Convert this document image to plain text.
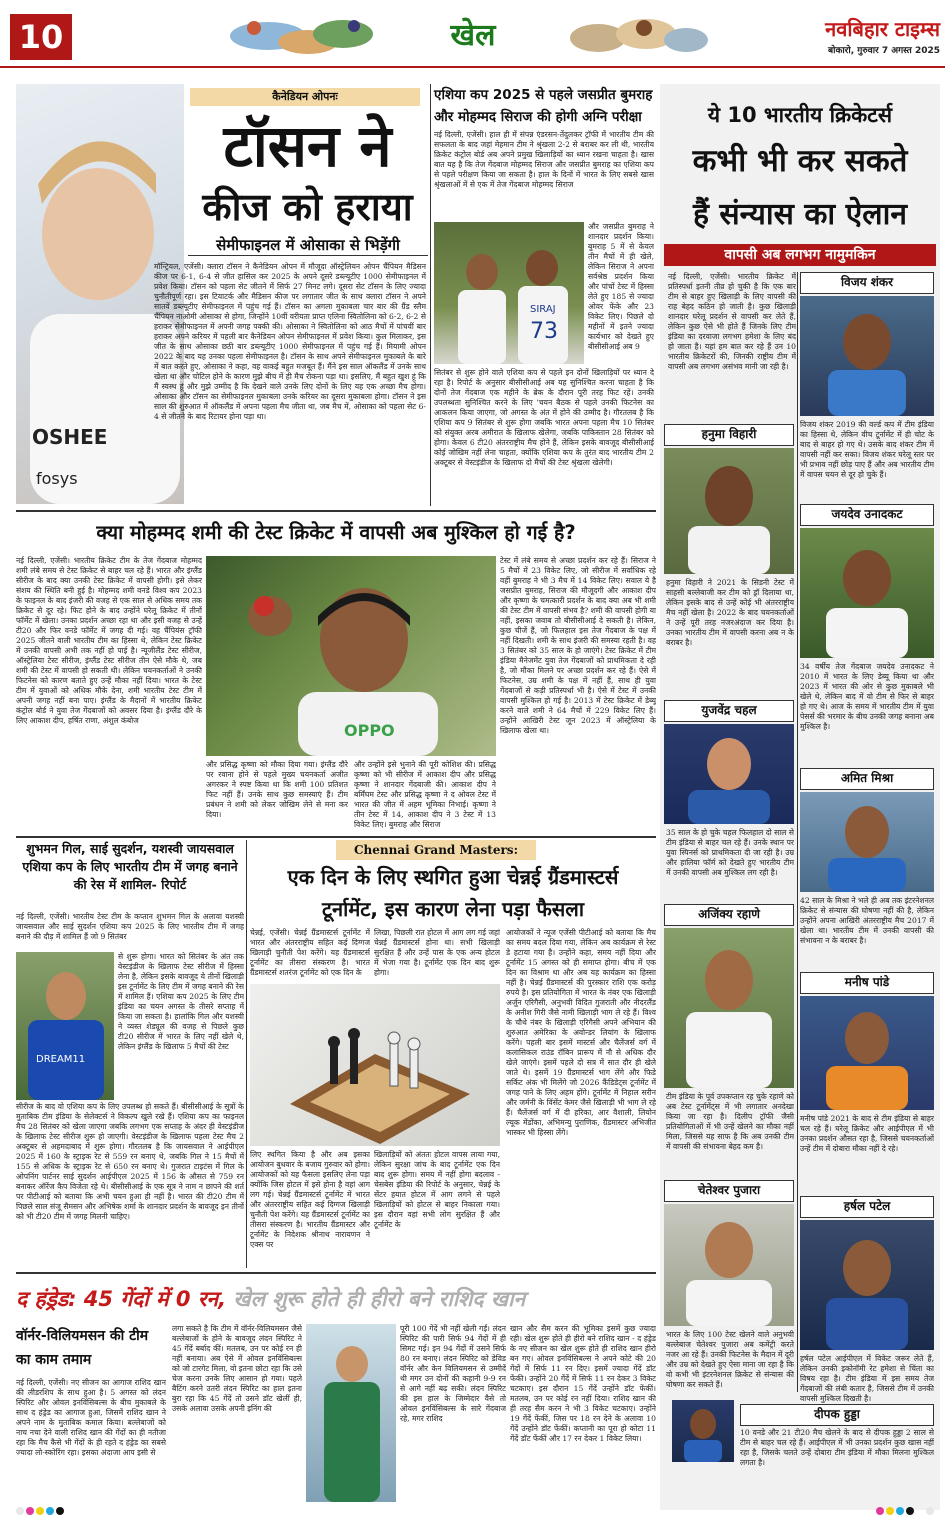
10	खेल	नवबिहार टाइम्स
बोकारो, गुरुवार 7 अगस्त 2025
OSHEE
fosys
कैनेडियन ओपनः
टॉसन ने
कीज को हराया
सेमीफाइनल में ओसाका से भिड़ेंगी
मॉन्ट्रियल, एजेंसी। क्लारा टॉसन ने कैनेडियन ओपन में मौजूदा ऑस्ट्रेलियन ओपन चैंपियन मैडिसन कीज पर 6-1, 6-4 से जीत हासिल कर 2025 के अपने दूसरे डब्ल्यूटीए 1000 सेमीफाइनल में प्रवेश किया। टॉसन को पहला सेट जीतने में सिर्फ 27 मिनट लगे। दूसरा सेट टॉसन के लिए ज्यादा चुनौतीपूर्ण रहा। इस टियाटर्क और मैडिसन कीज पर लगातार जीत के साथ क्लारा टॉसन ने अपने सातवें डब्ल्यूटीए सेमीफाइनल में पहुंच गई हैं। टॉसन का अगला मुकाबला चार बार की ग्रैंड स्लैम चैंपियन नाओमी ओसाका से होगा, जिन्होंने 10वीं वरीयता प्राप्त एलिना स्वितोलिना को 6-2, 6-2 से हराकर सेमीफाइनल में अपनी जगह पक्की की। ओसाका ने स्वितोलिना को आठ मैचों में पांचवीं बार हराकर अपने करियर में पहली बार कैनेडियन ओपन सेमीफाइनल में प्रवेश किया। कुल मिलाकर, इस जीत के साथ ओसाका छठी बार डब्ल्यूटीए 1000 सेमीफाइनल में पहुंच गई हैं। मियामी ओपन 2022 के बाद यह उनका पहला सेमीफाइनल है। टॉसन के साथ अपने सेमीफाइनल मुकाबले के बारे में बात करते हुए, ओसाका ने कहा, वह वाकई बहुत मजबूत हैं। मैंने इस साल ऑकलैंड में उनके साथ खेला था और चोटिल होने के कारण मुझे बीच में ही मैच रोकना पड़ा था। इसलिए, मैं बहुत खुश हूं कि मैं स्वस्थ हूं और मुझे उम्मीद है कि देखने वाले उनके लिए दोनों के लिए यह एक अच्छा मैच होगा। ओसाका और टॉसन का सेमीफाइनल मुकाबला उनके करियर का दूसरा मुकाबला होगा। टॉसन ने इस साल की शुरुआत में ऑकलैंड में अपना पहला मैच जीता था, जब मैच में, ओसाका को पहला सेट 6-4 से जीतने के बाद रिटायर होना पड़ा था।
एशिया कप 2025 से पहले जसप्रीत बुमराह
और मोहम्मद सिराज की होगी अग्नि परीक्षा
नई दिल्ली, एजेंसी। हाल ही में संपन्न एंडरसन-तेंदुलकर ट्रॉफी में भारतीय टीम की सफलता के बाद जहां मेहमान टीम ने श्रृंखला 2-2 से बराबर कर ली थी, भारतीय क्रिकेट कंट्रोल बोर्ड अब अपने प्रमुख खिलाड़ियों का ध्यान रखना चाहता है। खास बात यह है कि तेज गेंदबाज मोहम्मद सिराज और जसप्रीत बुमराह का एशिया कप से पहले परीक्षण किया जा सकता है। हाल के दिनों में भारत के लिए सबसे खास श्रृंखलाओं में से एक में तेज गेंदबाज मोहम्मद सिराज
SIRAJ
73
और जसप्रीत बुमराह ने शानदार प्रदर्शन किया। बुमराह 5 में से केवल तीन मैचों में ही खेले, लेकिन सिराज ने अपना सर्वश्रेष्ठ प्रदर्शन किया और पांचों टेस्ट में हिस्सा लेते हुए 185 से ज्यादा ओवर फेंके और 23 विकेट लिए। पिछले दो महीनों में इतने ज्यादा कार्यभार को देखते हुए बीसीसीआई अब 9
सितंबर से शुरू होने वाले एशिया कप से पहले इन दोनों खिलाड़ियों पर ध्यान दे रहा है। रिपोर्ट के अनुसार बीसीसीआई अब यह सुनिश्चित करना चाहता है कि दोनों तेज गेंदबाज एक महीने के ब्रेक के दौरान पूरी तरह फिट रहें। उनकी उपलब्धता सुनिश्चित करने के लिए 'चयन बैठक से पहले उनकी फिटनेस का आकलन किया जाएगा, जो अगस्त के अंत में होने की उम्मीद है। गौरतलब है कि एशिया कप 9 सितंबर से शुरू होगा जबकि भारत अपना पहला मैच 10 सितंबर को संयुक्त अरब अमीरात के खिलाफ खेलेगा, जबकि पाकिस्तान 28 सितंबर को होगा। केवल 6 टी20 अंतरराष्ट्रीय मैच होने हैं, लेकिन इसके बावजूद बीसीसीआई कोई जोखिम नहीं लेना चाहता, क्योंकि एशिया कप के तुरंत बाद भारतीय टीम 2 अक्टूबर से वेस्टइंडीज के खिलाफ दो मैचों की टेस्ट श्रृंखला खेलेगी।
ये 10 भारतीय क्रिकेटर्स
कभी भी कर सकते
हैं संन्यास का ऐलान
वापसी अब लगभग नामुमकिन
नई दिल्ली, एजेंसी। भारतीय क्रिकेट में प्रतिस्पर्धा इतनी तीव्र हो चुकी है कि एक बार टीम से बाहर हुए खिलाड़ी के लिए वापसी की राह बेहद कठिन हो जाती है। कुछ खिलाड़ी शानदार घरेलू प्रदर्शन से वापसी कर लेते हैं, लेकिन कुछ ऐसे भी होते हैं जिनके लिए टीम इंडिया का दरवाजा लगभग हमेशा के लिए बंद हो जाता है। यहां हम बात कर रहे हैं उन 10 भारतीय क्रिकेटरों की, जिनकी राष्ट्रीय टीम में वापसी अब लगभग असंभव मानी जा रही है।
विजय शंकर
विजय शंकर 2019 की वर्ल्ड कप में टीम इंडिया का हिस्सा थे, लेकिन वीच टूर्नामेंट में ही चोट के बाद से बाहर हो गए थे। उसके बाद शंकर टीम में वापसी नहीं कर सका। विजय शंकर घरेलू स्तर पर भी प्रभाव नहीं छोड़ पाए हैं और अब भारतीय टीम में वापस चयन से दूर हो चुके हैं।
हनुमा विहारी
हनुमा विहारी ने 2021 के सिडनी टेस्ट में साहसी बल्लेबाजी कर टीम को ड्रॉ दिलाया था, लेकिन इसके बाद से उन्हें कोई भी अंतरराष्ट्रीय मैच नहीं खेला है। 2022 के बाद चयनकर्ताओं ने उन्हें पूरी तरह नजरअंदाज कर दिया है। उनका भारतीय टीम में वापसी करना अब न के बराबर है।
जयदेव उनादकट
34 वर्षीय तेज गेंदबाज जयदेव उनादकट ने 2010 में भारत के लिए डेब्यू किया था और 2023 में भारत की ओर से कुछ मुकाबले भी खेले थे, लेकिन बाद में वो टीम से फिर से बाहर हो गए थे। आज के समय में भारतीय टीम में युवा पेसर्स की भरमार के बीच उनकी जगह बनाना अब मुश्किल है।
युजवेंद्र चहल
35 साल के हो चुके चहल फिलहाल दो साल से टीम इंडिया से बाहर चल रहे हैं। उनके स्थान पर युवा स्पिनर्स को प्राथमिकता दी जा रही है। उम्र और हालिया फॉर्म को देखते हुए भारतीय टीम में उनकी वापसी अब मुश्किल लग रही है।
अमित मिश्रा
42 साल के मिश्रा ने भले ही अब तक इंटरनेशनल क्रिकेट से संन्यास की घोषणा नहीं की है, लेकिन उन्होंने अपना आखिरी अंतरराष्ट्रीय मैच 2017 में खेला था। भारतीय टीम में उनकी वापसी की संभावना न के बराबर है।
अजिंक्य रहाणे
टीम इंडिया के पूर्व उपकप्तान रह चुके रहाणे को अब टेस्ट टूर्नामेंट्स में भी लगातार अनदेखा किया जा रहा है। दिलीप ट्रॉफी जैसी प्रतियोगिताओं में भी उन्हें खेलने का मौका नहीं मिला, जिससे यह साफ है कि अब उनकी टीम में वापसी की संभावना बेहद कम है।
मनीष पांडे
मनीष पांडे 2021 के बाद से टीम इंडिया से बाहर चल रहे हैं। घरेलू क्रिकेट और आईपीएल में भी उनका प्रदर्शन औसत रहा है, जिससे चयनकर्ताओं उन्हें टीम में दोबारा मौका नहीं दे रहे।
चेतेश्वर पुजारा
भारत के लिए 100 टेस्ट खेलने वाले अनुभवी बल्लेबाज चेतेश्वर पुजारा अब कमेंट्री करते नजर आ रहे हैं। उनकी फिटनेस के मैदान में दूरी और उम्र को देखते हुए ऐसा माना जा रहा है कि वो कभी भी इंटरनेशनल क्रिकेट से संन्यास की घोषणा कर सकते हैं।
हर्षल पटेल
हर्षल पटेल आईपीएल में विकेट जरूर लेते हैं, लेकिन उनकी इकोनॉमी रेट हमेशा से चिंता का विषय रहा है। टीम इंडिया में इस समय तेज गेंदबाजों की लंबी कतार है, जिससे टीम में उनकी वापसी मुश्किल दिखती है।
दीपक हुड्डा
10 वनडे और 21 टी20 मैच खेलने के बाद से दीपक हुड्डा 2 साल से टीम से बाहर चल रहे हैं। आईपीएल में भी उनका प्रदर्शन कुछ खास नहीं रहा है, जिसके चलते उन्हें दोबारा टीम इंडिया में मौका मिलना मुश्किल लगता है।
क्या मोहम्मद शमी की टेस्ट क्रिकेट में वापसी अब मुश्किल हो गई है?
नई दिल्ली, एजेंसी। भारतीय क्रिकेट टीम के तेज गेंदबाज मोहम्मद शमी लंबे समय से टेस्ट क्रिकेट से बाहर चल रहे हैं। भारत और इंग्लैंड सीरीज के बाद क्या उनकी टेस्ट क्रिकेट में वापसी होगी। इसे लेकर संशय की स्थिति बनी हुई है। मोहम्मद शमी वनडे विश्व कप 2023 के फाइनल के बाद इंजरी की वजह से एक साल से अधिक समय तक क्रिकेट से दूर रहे। फिट होने के बाद उन्होंने घरेलू क्रिकेट में तीनों फॉर्मेट में खेला। उनका प्रदर्शन अच्छा रहा था और इसी वजह से उन्हें टी20 और फिर वनडे फॉर्मेट में जगह दी गई। वह चैंपियंस ट्रॉफी 2025 जीतने वाली भारतीय टीम का हिस्सा थे, लेकिन टेस्ट क्रिकेट में उनकी वापसी अभी तक नहीं हो पाई है। न्यूजीलैंड टेस्ट सीरीज, ऑस्ट्रेलिया टेस्ट सीरीज, इंग्लैंड टेस्ट सीरीज तीन ऐसे मौके थे, जब शमी की टेस्ट में वापसी हो सकती थी। लेकिन चयनकर्ताओं ने उनकी फिटनेस को कारण बताते हुए उन्हें मौका नहीं दिया। भारत के टेस्ट टीम में युवाओं को अधिक मौके देना, शमी भारतीय टेस्ट टीम में अपनी जगह नहीं बना पाए। इंग्लैंड के मैदानों में भारतीय क्रिकेट कंट्रोल बोर्ड ने युवा तेज गेंदबाजों को अवसर दिया है। इंग्लैंड दौरे के लिए आकाश दीप, हर्षित राणा, अंशुल कंबोज
OPPO
और प्रसिद्ध कृष्णा को मौका दिया गया। इंग्लैंड दौरे पर रवाना होने से पहले मुख्य चयनकर्ता अजीत अगरकर ने स्पष्ट किया था कि शमी 100 प्रतिशत फिट नहीं हैं। उनके साथ कुछ समस्याएं हैं। टीम प्रबंधन ने शमी को लेकर जोखिम लेने से मना कर दिया।
और उन्होंने इसे भुनाने की पूरी कोशिश की। प्रसिद्ध कृष्णा को भी सीरीज में आकाश दीप और प्रसिद्ध कृष्णा ने शानदार गेंदबाजी की। आकाश दीप ने बर्मिंघम टेस्ट और प्रसिद्ध कृष्णा ने द ओवल टेस्ट में भारत की जीत में अहम भूमिका निभाई। कृष्णा ने तीन टेस्ट में 14, आकाश दीप ने 3 टेस्ट में 13 विकेट लिए। बुमराह और सिराज
टेस्ट में लंबे समय से अच्छा प्रदर्शन कर रहे हैं। सिराज ने 5 मैचों में 23 विकेट लिए, जो सीरीज में सर्वाधिक रहे वहीं बुमराह ने भी 3 मैच में 14 विकेट लिए। सवाल ये है जसप्रीत बुमराह, सिराज की मौजूदगी और आकाश दीप और कृष्णा के चमत्कारी प्रदर्शन के बाद क्या अब भी शमी की टेस्ट टीम में वापसी संभव है? शमी की वापसी होगी या नहीं, इसका जवाब तो बीसीसीआई दे सकती है। लेकिन, कुछ चीजें हैं, जो फिलहाल इस तेज गेंदबाज के पक्ष में नहीं दिखती। शमी के साथ इंजरी की समस्या रहती है। वह 3 सितंबर को 35 साल के हो जाएंगे। टेस्ट क्रिकेट में टीम इंडिया मैनेजमेंट युवा तेज गेंदबाजों को प्राथमिकता दे रही है, जो मौका मिलने पर अच्छा प्रदर्शन कर रहे हैं। ऐसे में फिटनेस, उम्र शमी के पक्ष में नहीं हैं, साथ ही युवा गेंदबाजों से कड़ी प्रतिस्पर्धा भी है। ऐसे में टेस्ट में उनकी वापसी मुश्किल हो गई है। 2013 में टेस्ट क्रिकेट में डेब्यू करने वाले शमी ने 64 मैचों में 229 विकेट लिए हैं। उन्होंने आखिरी टेस्ट जून 2023 में ऑस्ट्रेलिया के खिलाफ खेला था।
शुभमन गिल, साई सुदर्शन, यशस्वी जायसवाल एशिया कप के लिए भारतीय टीम में जगह बनाने की रेस में शामिल- रिपोर्ट
नई दिल्ली, एजेंसी। भारतीय टेस्ट टीम के कप्तान शुभमन गिल के अलावा यशस्वी जायसवाल और साई सुदर्शन एशिया कप 2025 के लिए भारतीय टीम में जगह बनाने की दौड़ में शामिल हैं जो 9 सितंबर
DREAM11
से शुरू होगा। भारत को सितंबर के अंत तक वेस्टइंडीज के खिलाफ टेस्ट सीरीज में हिस्सा लेना है, लेकिन इसके बावजूद ये तीनों खिलाड़ी इस टूर्नामेंट के लिए टीम में जगह बनाने की रेस में शामिल हैं। एशिया कप 2025 के लिए टीम इंडिया का चयन अगस्त के तीसरे सप्ताह में किया जा सकता है। हालांकि गिल और यशस्वी ने व्यस्त शेड्यूल की वजह से पिछले कुछ टी20 सीरीज में भारत के लिए नहीं खेले थे, लेकिन इंग्लैंड के खिलाफ 5 मैचों की टेस्ट
सीरीज के बाद वो एशिया कप के लिए उपलब्ध हो सकते हैं। बीसीसीआई के सूत्रों के मुताबिक टीम इंडिया के सेलेक्टर्स ने विकल्प खुले रखे हैं। एशिया कप का फाइनल मैच 28 सितंबर को खेला जाएगा जबकि लगभग एक सप्ताह के अंदर ही वेस्टइंडीज के खिलाफ टेस्ट सीरीज शुरू हो जाएगी। वेस्टइंडीज के खिलाफ पहला टेस्ट मैच 2 अक्टूबर से अहमदाबाद में शुरू होगा। गौरतलब है कि जायसवाल ने आईपीएल 2025 में 160 के स्ट्राइक रेट से 559 रन बनाए थे, जबकि गिल ने 15 मैचों में 155 से अधिक के स्ट्राइक रेट से 650 रन बनाए थे। गुजरात टाइटंस में गिल के ओपनिंग पार्टनर साई सुदर्शन आईपीएल 2025 में 156 के औसत से 759 रन बनाकर ऑरेंज कैप विजेता रहे थे। बीसीसीआई के एक सूत्र ने नाम न छापने की शर्त पर पीटीआई को बताया कि अभी चयन हुआ ही नहीं है। भारत की टी20 टीम में पिछले साल संजू सैमसन और अभिषेक शर्मा के शानदार प्रदर्शन के बावजूद इन तीनों को भी टी20 टीम में जगह मिलनी चाहिए।
Chennai Grand Masters:
एक दिन के लिए स्थगित हुआ चेन्नई ग्रैंडमास्टर्स
टूर्नामेंट, इस कारण लेना पड़ा फैसला
चेन्नई, एजेंसी। चेन्नई ग्रैंडमास्टर्स टूर्नामेंट में भारत और अंतरराष्ट्रीय सहित कई दिग्गज खिलाड़ी चुनौती पेश करेंगे। यह ग्रैंडमास्टर्स टूर्नामेंट का तीसरा संस्करण है। भारत ग्रैंडमास्टर्स शतरंज टूर्नामेंट को एक दिन के
लिखा, पिछली रात होटल में आग लग गई जहां चेन्नई ग्रैंडमास्टर्स होना था। सभी खिलाड़ी सुरक्षित हैं और उन्हें पास के एक अन्य होटल में भेजा गया है। टूर्नामेंट एक दिन बाद शुरू होगा।
लिए स्थगित किया है और अब इसका आयोजन बुधवार के बजाय गुरुवार को होगा। आयोजकों को यह फैसला इसलिए लेना पड़ा क्योंकि जिस होटल में इसे होना है वहां आग लग गई। चेन्नई ग्रैंडमास्टर्स टूर्नामेंट में भारत और अंतरराष्ट्रीय सहित कई दिग्गज खिलाड़ी चुनौती पेश करेंगे। यह ग्रैंडमास्टर्स टूर्नामेंट का तीसरा संस्करण है। भारतीय ग्रैंडमास्टर और टूर्नामेंट के निदेशक श्रीनाथ नारायणन ने एक्स पर
खिलाड़ियों को अंततः होटल वापस लाया गया, लेकिन सुरक्षा जांच के बाद टूर्नामेंट एक दिन बाद शुरू होगा। समय में नहीं होगा बदलाव - चेसबेस इंडिया की रिपोर्ट के अनुसार, चेन्नई के सेंटर हयात होटल में आग लगने से पहले खिलाड़ियों को होटल से बाहर निकाला गया। इस दौरान वहां सभी लोग सुरक्षित हैं और टूर्नामेंट के
आयोजकों ने न्यूज एजेंसी पीटीआई को बताया कि मैच का समय बदल दिया गया, लेकिन अब कार्यक्रम से रेस्ट डे हटाया गया है। उन्होंने कहा, समय नहीं दिया और टूर्नामेंट 15 अगस्त को ही समाप्त होगा। बीच में एक दिन का विश्राम था और अब यह कार्यक्रम का हिस्सा नहीं है। चेन्नई ग्रैंडमास्टर्स की पुरस्कार राशि एक करोड़ रुपये है। इस प्रतियोगिता में भारत के नंबर एक खिलाड़ी अर्जुन एरिगैसी, अनुभवी विदित गुजराती और नीदरलैंड के अनीश गिरी जैसे नामी खिलाड़ी भाग ले रहे हैं। विश्व के चौथे नंबर के खिलाड़ी एरिगैसी अपने अभियान की शुरुआत अमेरिका के अवोन्डर लियांग के खिलाफ करेंगे। पहली बार इसमें मास्टर्स और चैलेंजर्स वर्ग में कलासिकल राउंड रॉबिन प्रारूप में नौ से अधिक दौर खेले जाएंगे। इसमें पहले दो सत्र में सात दौर ही खेले जाते थे। इसमें 19 ग्रैंडमास्टर्स भाग लेंगे और फिडे सर्किट अंक भी मिलेंगे जो 2026 कैंडिडेट्स टूर्नामेंट में जगह पाने के लिए अहम होंगे। टूर्नामेंट में निहाल सरीन और जर्मनी के विंसेंट केमर जैसे खिलाड़ी भी भाग ले रहे हैं। चैलेंजर्स वर्ग में दी हरिका, आर वैशाली, लियोन ल्यूक मेंडोंका, अभिमन्यु पुराणिक, ग्रैंडमास्टर अभिजीत भास्कर भी हिस्सा लेंगे।
द हंड्रेड: 45 गेंदों में 0 रन, खेल शुरू होते ही हीरो बने राशिद खान
वॉर्नर-विलियमसन की टीम का काम तमाम
नई दिल्ली, एजेंसी। नए सीजन का आगाज राशिद खान की लीडरशिप के साथ हुआ है। 5 अगस्त को लंदन स्पिरिट और ओवल इनविंसिबल्स के बीच मुकाबले के साथ द हंड्रेड का आगाज हुआ, जिसमें राशिद खान ने अपने नाम के मुताबिक कमाल किया। बल्लेबाजों को नाच नचा देने वाली राशिद खान की गेंदों का ही नतीजा रहा कि मैच कैसे भी गेंदों के ही रहते द हंड्रेड का सबसे ज्यादा लो-स्कोरिंग रहा। इसका अंदाजा आप इसी से
लगा सकते है कि टीम में वॉर्नर-विलियमसन जैसे बल्लेबाजों के होने के बावजूद लंदन स्पिरिट ने 45 गेंदें बर्बाद कीं। मतलब, उन पर कोई रन ही नहीं बनाया। अब ऐसे में ओवल इनविंसिबल्स को जो टारगेट मिला, वो इतना छोटा रहा कि उसे चेज करना उनके लिए आसान हो गया। पहले बैटिंग करने उतरी लंदन स्पिरिट का हाल इतना बुरा रहा कि 45 गेंदें तो उसने डॉट खेलीं ही, उसके अलावा उसके अपनी इनिंग की
पूरी 100 गेंदें भी नहीं खेली गईं। लंदन स्पिरिट की पारी सिर्फ 94 गेंदों में ही सिमट गई। इन 94 गेंदों में उसने सिर्फ 80 रन बनाए। लंदन स्पिरिट को डेविड वॉर्नर और केन विलियमसन से उम्मीदें थी मगर उन दोनों की कहानी 9-9 रन से आगे नहीं बढ़ सकी। लंदन स्पिरिट की इस हाल के जिम्मेदार वैसे तो ओवल इनविंसिबल्स के सारे गेंदबाज रहे, मगर राशिद
खान और सैम करन की भूमिका इसमें कुछ ज्यादा रही। खेल शुरू होते ही हीरो बने राशिद खान - द हंड्रेड के नए सीजन का खेल शुरू होते ही राशिद खान हीरो बन गए। ओवल इनविंसिबल्स ने अपने कोटे की 20 गेंदों में सिर्फ 11 रन दिए। इसमें ज्यादा गेंदें डॉट फेंकी। उन्होंने 20 गेंदें में सिर्फ 11 रन देकर 3 विकेट चटकाए। इस दौरान 15 गेंदें उन्होंने डॉट फेंकीं। मतलब, उन पर कोई रन नहीं दिया। राशिद खान की ही तरह सैम करन ने भी 3 विकेट चटकाए। उन्होंने 19 गेंदें फेंकीं, जिस पर 18 रन देने के अलावा 10 गेंदें उन्होंने डॉट फेंकीं। कप्तानी का पूरा हो कोटा 11 गेंदें डॉट फेंकीं और 17 रन देकर 1 विकेट लिया।
